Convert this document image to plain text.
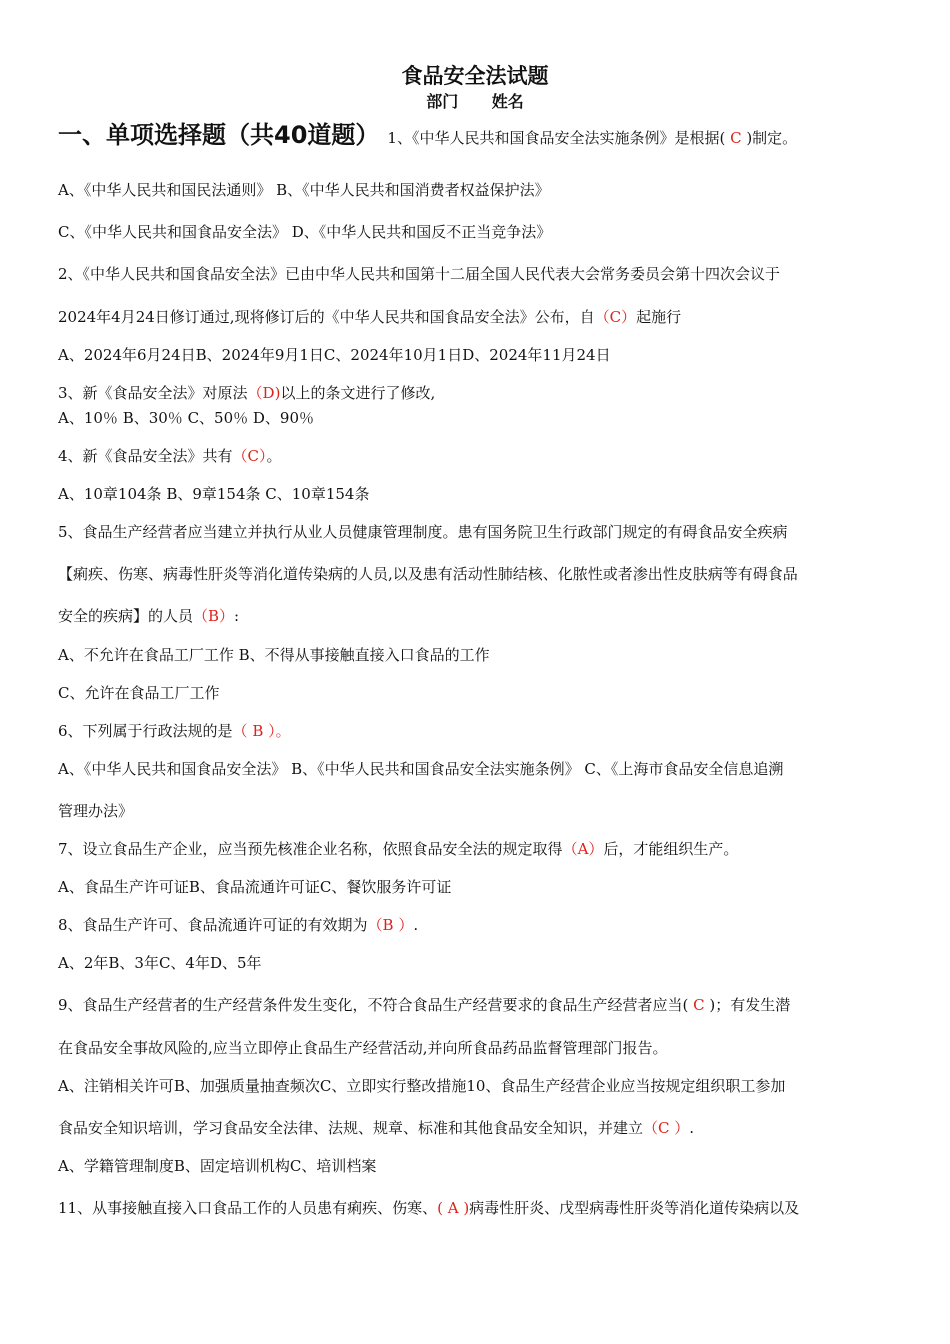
食品安全法试题
部门 姓名
一、单项选择题（共40道题） 1、《中华人民共和国食品安全法实施条例》是根据( C )制定。
A、《中华人民共和国民法通则》 B、《中华人民共和国消费者权益保护法》
C、《中华人民共和国食品安全法》 D、《中华人民共和国反不正当竞争法》
2、《中华人民共和国食品安全法》已由中华人民共和国第十二届全国人民代表大会常务委员会第十四次会议于
2024年4月24日修订通过,现将修订后的《中华人民共和国食品安全法》公布，自（C）起施行
A、2024年6月24日B、2024年9月1日C、2024年10月1日D、2024年11月24日
3、新《食品安全法》对原法（D)以上的条文进行了修改,
A、10％ B、30％ C、50％ D、90％
4、新《食品安全法》共有（C）。
A、10章104条 B、9章154条 C、10章154条
5、食品生产经营者应当建立并执行从业人员健康管理制度。患有国务院卫生行政部门规定的有碍食品安全疾病
【痢疾、伤寒、病毒性肝炎等消化道传染病的人员,以及患有活动性肺结核、化脓性或者渗出性皮肤病等有碍食品
安全的疾病】的人员（B）:
A、不允许在食品工厂工作 B、不得从事接触直接入口食品的工作
C、允许在食品工厂工作
6、下列属于行政法规的是（ B ）。
A、《中华人民共和国食品安全法》 B、《中华人民共和国食品安全法实施条例》 C、《上海市食品安全信息追溯
管理办法》
7、设立食品生产企业，应当预先核准企业名称，依照食品安全法的规定取得（A）后，才能组织生产。
A、食品生产许可证B、食品流通许可证C、餐饮服务许可证
8、食品生产许可、食品流通许可证的有效期为（B ）.
A、2年B、3年C、4年D、5年
9、食品生产经营者的生产经营条件发生变化，不符合食品生产经营要求的食品生产经营者应当( C )；有发生潜
在食品安全事故风险的,应当立即停止食品生产经营活动,并向所食品药品监督管理部门报告。
A、注销相关许可B、加强质量抽查频次C、立即实行整改措施10、食品生产经营企业应当按规定组织职工参加
食品安全知识培训，学习食品安全法律、法规、规章、标准和其他食品安全知识，并建立（C ）.
A、学籍管理制度B、固定培训机构C、培训档案
11、从事接触直接入口食品工作的人员患有痢疾、伤寒、( A )病毒性肝炎、戊型病毒性肝炎等消化道传染病以及
